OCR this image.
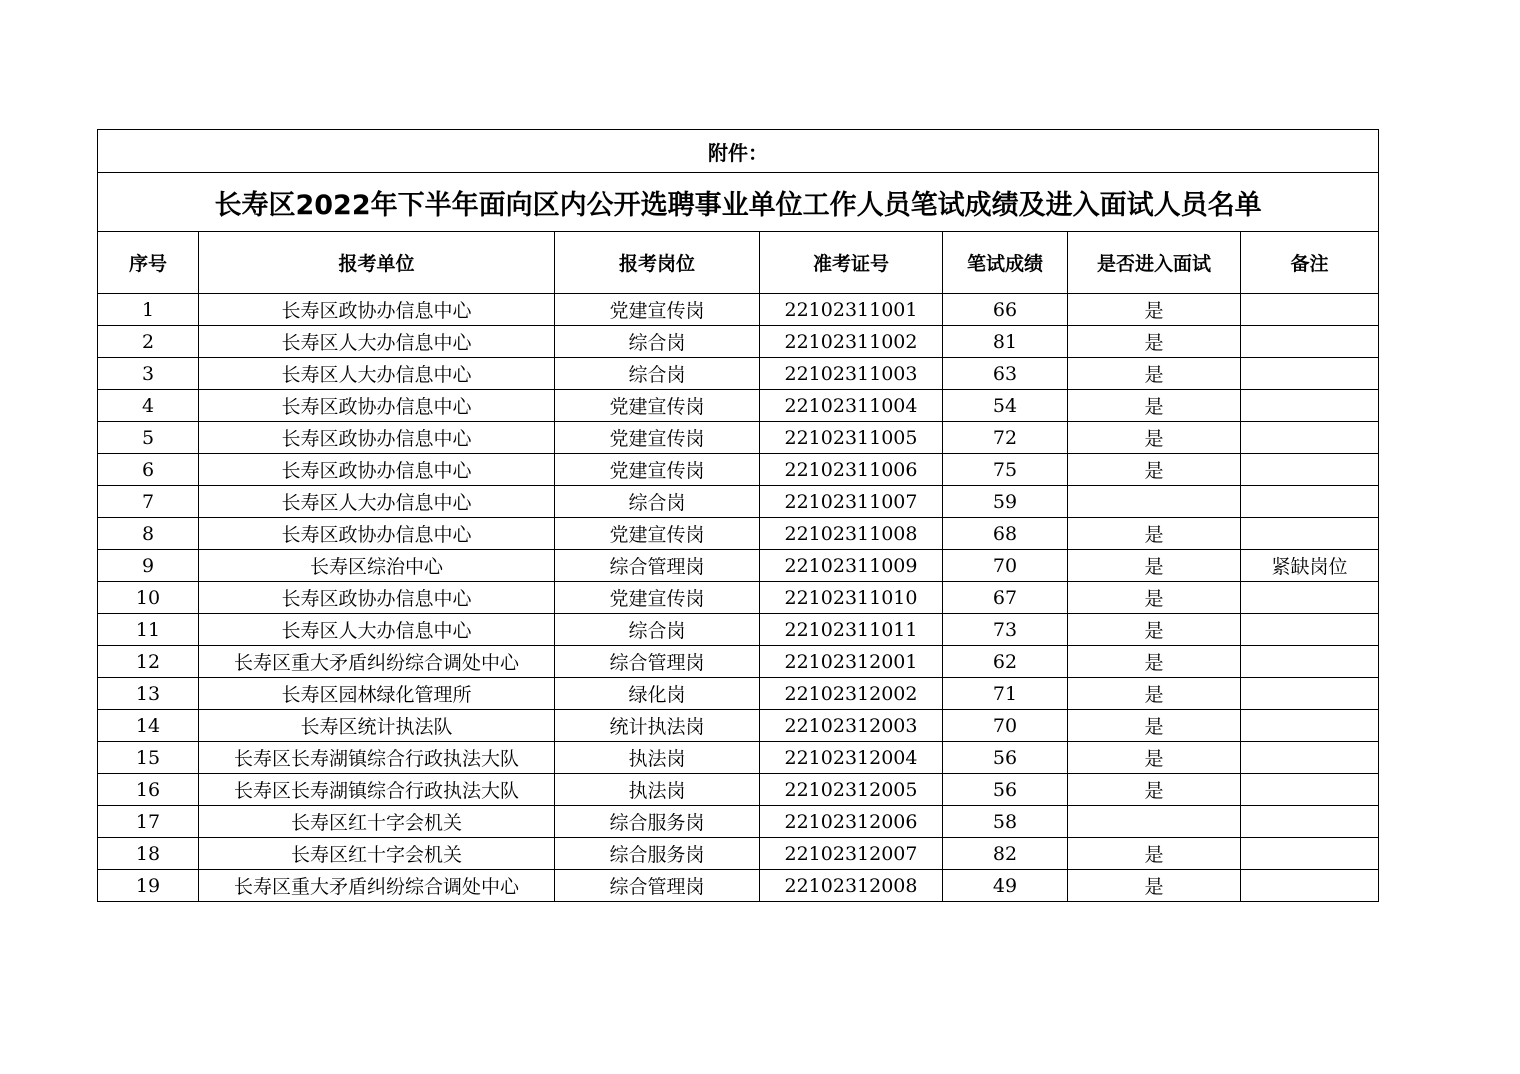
附件：						
长寿区2022年下半年面向区内公开选聘事业单位工作人员笔试成绩及进入面试人员名单						
序号	报考单位	报考岗位	准考证号	笔试成绩	是否进入面试	备注
1	长寿区政协办信息中心	党建宣传岗	22102311001	66	是	
2	长寿区人大办信息中心	综合岗	22102311002	81	是	
3	长寿区人大办信息中心	综合岗	22102311003	63	是	
4	长寿区政协办信息中心	党建宣传岗	22102311004	54	是	
5	长寿区政协办信息中心	党建宣传岗	22102311005	72	是	
6	长寿区政协办信息中心	党建宣传岗	22102311006	75	是	
7	长寿区人大办信息中心	综合岗	22102311007	59		
8	长寿区政协办信息中心	党建宣传岗	22102311008	68	是	
9	长寿区综治中心	综合管理岗	22102311009	70	是	紧缺岗位
10	长寿区政协办信息中心	党建宣传岗	22102311010	67	是	
11	长寿区人大办信息中心	综合岗	22102311011	73	是	
12	长寿区重大矛盾纠纷综合调处中心	综合管理岗	22102312001	62	是	
13	长寿区园林绿化管理所	绿化岗	22102312002	71	是	
14	长寿区统计执法队	统计执法岗	22102312003	70	是	
15	长寿区长寿湖镇综合行政执法大队	执法岗	22102312004	56	是	
16	长寿区长寿湖镇综合行政执法大队	执法岗	22102312005	56	是	
17	长寿区红十字会机关	综合服务岗	22102312006	58		
18	长寿区红十字会机关	综合服务岗	22102312007	82	是	
19	长寿区重大矛盾纠纷综合调处中心	综合管理岗	22102312008	49	是	
